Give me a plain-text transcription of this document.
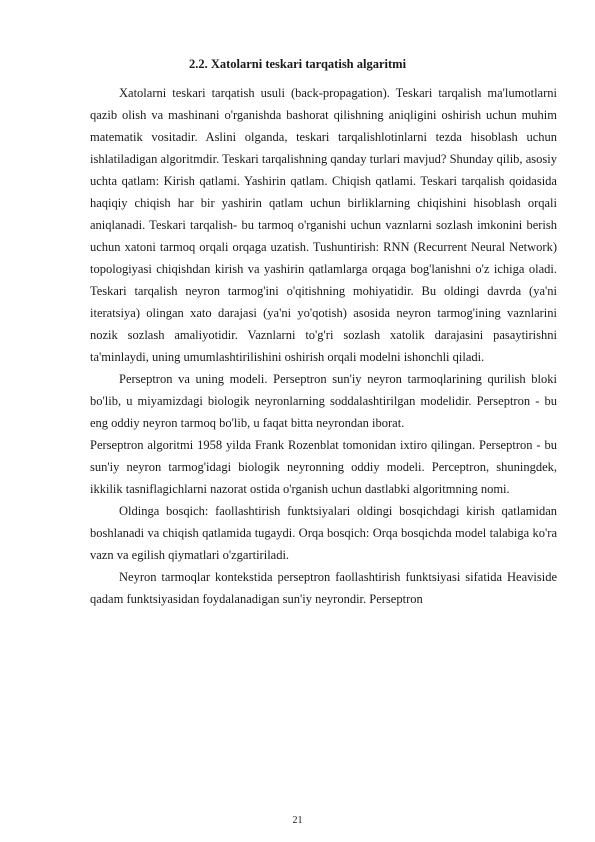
2.2. Xatolarni teskari tarqatish algaritmi

Xatolarni teskari tarqatish usuli (back-propagation). Teskari tarqalish ma'lumotlarni qazib olish va mashinani o'rganishda bashorat qilishning aniqligini oshirish uchun muhim matematik vositadir. Aslini olganda, teskari tarqalishlotinlarni tezda hisoblash uchun ishlatiladigan algoritmdir. Teskari tarqalishning qanday turlari mavjud? Shunday qilib, asosiy uchta qatlam: Kirish qatlami. Yashirin qatlam. Chiqish qatlami. Teskari tarqalish qoidasida haqiqiy chiqish har bir yashirin qatlam uchun birliklarning chiqishini hisoblash orqali aniqlanadi. Teskari tarqalish- bu tarmoq o'rganishi uchun vaznlarni sozlash imkonini berish uchun xatoni tarmoq orqali orqaga uzatish. Tushuntirish: RNN (Recurrent Neural Network) topologiyasi chiqishdan kirish va yashirin qatlamlarga orqaga bog'lanishni o'z ichiga oladi. Teskari tarqalish neyron tarmog'ini o'qitishning mohiyatidir. Bu oldingi davrda (ya'ni iteratsiya) olingan xato darajasi (ya'ni yo'qotish) asosida neyron tarmog'ining vaznlarini nozik sozlash amaliyotidir. Vaznlarni to'g'ri sozlash xatolik darajasini pasaytirishni ta'minlaydi, uning umumlashtirilishini oshirish orqali modelni ishonchli qiladi.

Perseptron va uning modeli. Perseptron sun'iy neyron tarmoqlarining qurilish bloki bo'lib, u miyamizdagi biologik neyronlarning soddalashtirilgan modelidir. Perseptron - bu eng oddiy neyron tarmoq bo'lib, u faqat bitta neyrondan iborat.

Perseptron algoritmi 1958 yilda Frank Rozenblat tomonidan ixtiro qilingan. Perseptron - bu sun'iy neyron tarmog'idagi biologik neyronning oddiy modeli. Perceptron, shuningdek, ikkilik tasniflagichlarni nazorat ostida o'rganish uchun dastlabki algoritmning nomi.

Oldinga bosqich: faollashtirish funktsiyalari oldingi bosqichdagi kirish qatlamidan boshlanadi va chiqish qatlamida tugaydi. Orqa bosqich: Orqa bosqichda model talabiga ko'ra vazn va egilish qiymatlari o'zgartiriladi.

Neyron tarmoqlar kontekstida perseptron faollashtirish funktsiyasi sifatida Heaviside qadam funktsiyasidan foydalanadigan sun'iy neyrondir. Perseptron

21
